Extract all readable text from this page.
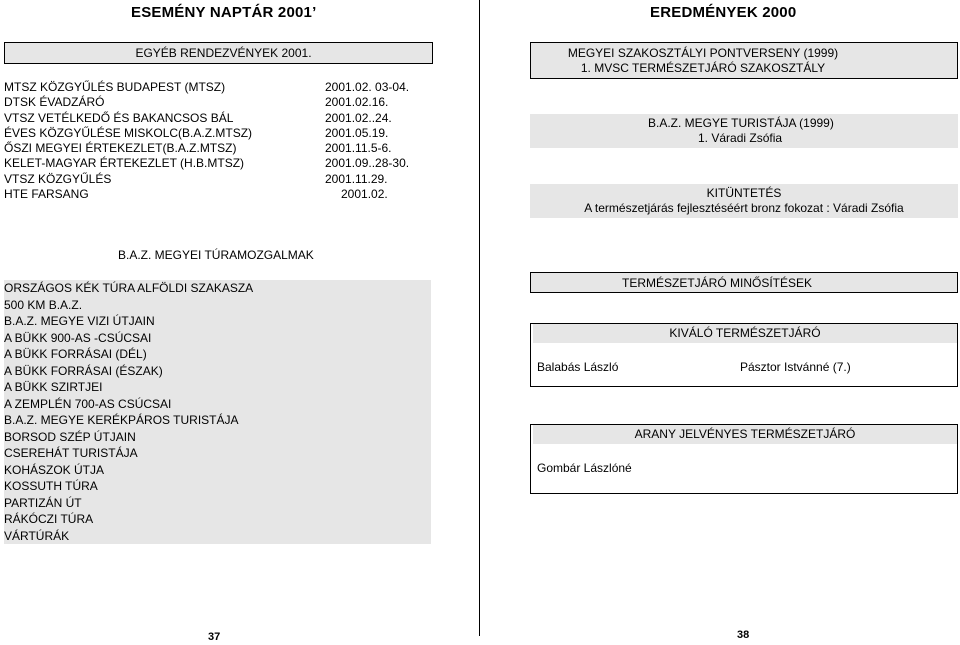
ESEMÉNY NAPTÁR 2001’
EGYÉB RENDEZVÉNYEK 2001.
MTSZ KÖZGYŰLÉS BUDAPEST (MTSZ)	2001.02. 03-04.
DTSK ÉVADZÁRÓ	2001.02.16.
VTSZ VETÉLKEDŐ ÉS BAKANCSOS BÁL	2001.02..24.
ÉVES KÖZGYŰLÉSE MISKOLC(B.A.Z.MTSZ)	2001.05.19.
ŐSZI MEGYEI ÉRTEKEZLET(B.A.Z.MTSZ)	2001.11.5-6.
KELET-MAGYAR ÉRTEKEZLET (H.B.MTSZ)	2001.09..28-30.
VTSZ KÖZGYŰLÉS	2001.11.29.
HTE FARSANG	2001.02.
B.A.Z. MEGYEI TÚRAMOZGALMAK
ORSZÁGOS KÉK TÚRA ALFÖLDI SZAKASZA
500 KM B.A.Z.
B.A.Z. MEGYE VIZI ÚTJAIN
A BÜKK 900-AS -CSÚCSAI
A BÜKK FORRÁSAI (DÉL)
A BÜKK FORRÁSAI (ÉSZAK)
A BÜKK SZIRTJEI
A ZEMPLÉN 700-AS CSÚCSAI
B.A.Z. MEGYE KERÉKPÁROS TURISTÁJA
BORSOD SZÉP ÚTJAIN
CSEREHÁT TURISTÁJA
KOHÁSZOK ÚTJA
KOSSUTH TÚRA
PARTIZÁN ÚT
RÁKÓCZI TÚRA
VÁRTÚRÁK
37
EREDMÉNYEK 2000
MEGYEI SZAKOSZTÁLYI PONTVERSENY (1999)
1. MVSC TERMÉSZETJÁRÓ SZAKOSZTÁLY
B.A.Z. MEGYE TURISTÁJA (1999)
1. Váradi Zsófia
KITÜNTETÉS
A természetjárás fejlesztéséért bronz fokozat : Váradi Zsófia
TERMÉSZETJÁRÓ MINŐSÍTÉSEK
KIVÁLÓ TERMÉSZETJÁRÓ
Balabás László	Pásztor Istvánné (7.)
ARANY JELVÉNYES TERMÉSZETJÁRÓ
Gombár Lászlóné
38
